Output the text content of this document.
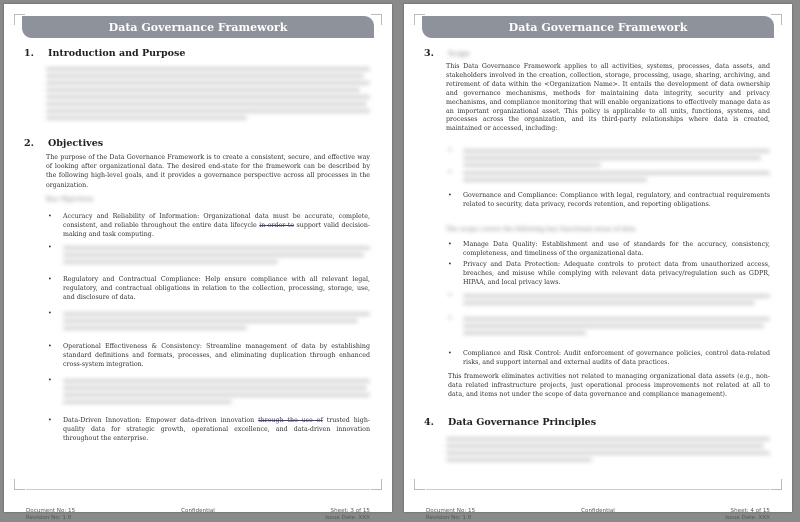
Data Governance Framework
1. Introduction and Purpose
2. Objectives
The purpose of the Data Governance Framework is to create a consistent, secure, and effective way of looking after organizational data. The desired end-state for the framework can be described by the following high-level goals, and it provides a governance perspective across all processes in the organization.
Key Objectives
• Accuracy and Reliability of Information: Organizational data must be accurate, complete, consistent, and reliable throughout the entire data lifecycle in order to support valid decision-making and task computing.
•
• Regulatory and Contractual Compliance: Help ensure compliance with all relevant legal, regulatory, and contractual obligations in relation to the collection, processing, storage, use, and disclosure of data.
•
• Operational Effectiveness & Consistency: Streamline management of data by establishing standard definitions and formats, processes, and eliminating duplication through enhanced cross-system integration.
•
• Data-Driven Innovation: Empower data-driven innovation through the use of trusted high-quality data for strategic growth, operational excellence, and data-driven innovation throughout the enterprise.
Document No: 15
Revision No: 1.0
Confidential	Sheet: 3 of 15
Issue Date: XXX
Data Governance Framework
3. Scope
This Data Governance Framework applies to all activities, systems, processes, data assets, and stakeholders involved in the creation, collection, storage, processing, usage, sharing, archiving, and retirement of data within the <Organization Name>. It entails the development of data ownership and governance mechanisms, methods for maintaining data integrity, security and privacy mechanisms, and compliance monitoring that will enable organizations to effectively manage data as an important organizational asset. This policy is applicable to all units, functions, systems, and processes across the organization, and its third-party relationships where data is created, maintained or accessed, including:
•
•
• Governance and Compliance: Compliance with legal, regulatory, and contractual requirements related to security, data privacy, records retention, and reporting obligations.
The scope covers the following key functional areas of data
• Manage Data Quality: Establishment and use of standards for the accuracy, consistency, completeness, and timeliness of the organizational data.
• Privacy and Data Protection: Adequate controls to protect data from unauthorized access, breaches, and misuse while complying with relevant data privacy/regulation such as GDPR, HIPAA, and local privacy laws.
•
•
• Compliance and Risk Control: Audit enforcement of governance policies, control data-related risks, and support internal and external audits of data practices.
This framework eliminates activities not related to managing organizational data assets (e.g., non-data related infrastructure projects, just operational process improvements not related at all to data, and items not under the scope of data governance and compliance management).
4. Data Governance Principles
Document No: 15
Revision No: 1.0
Confidential	Sheet: 4 of 15
Issue Date: XXX
